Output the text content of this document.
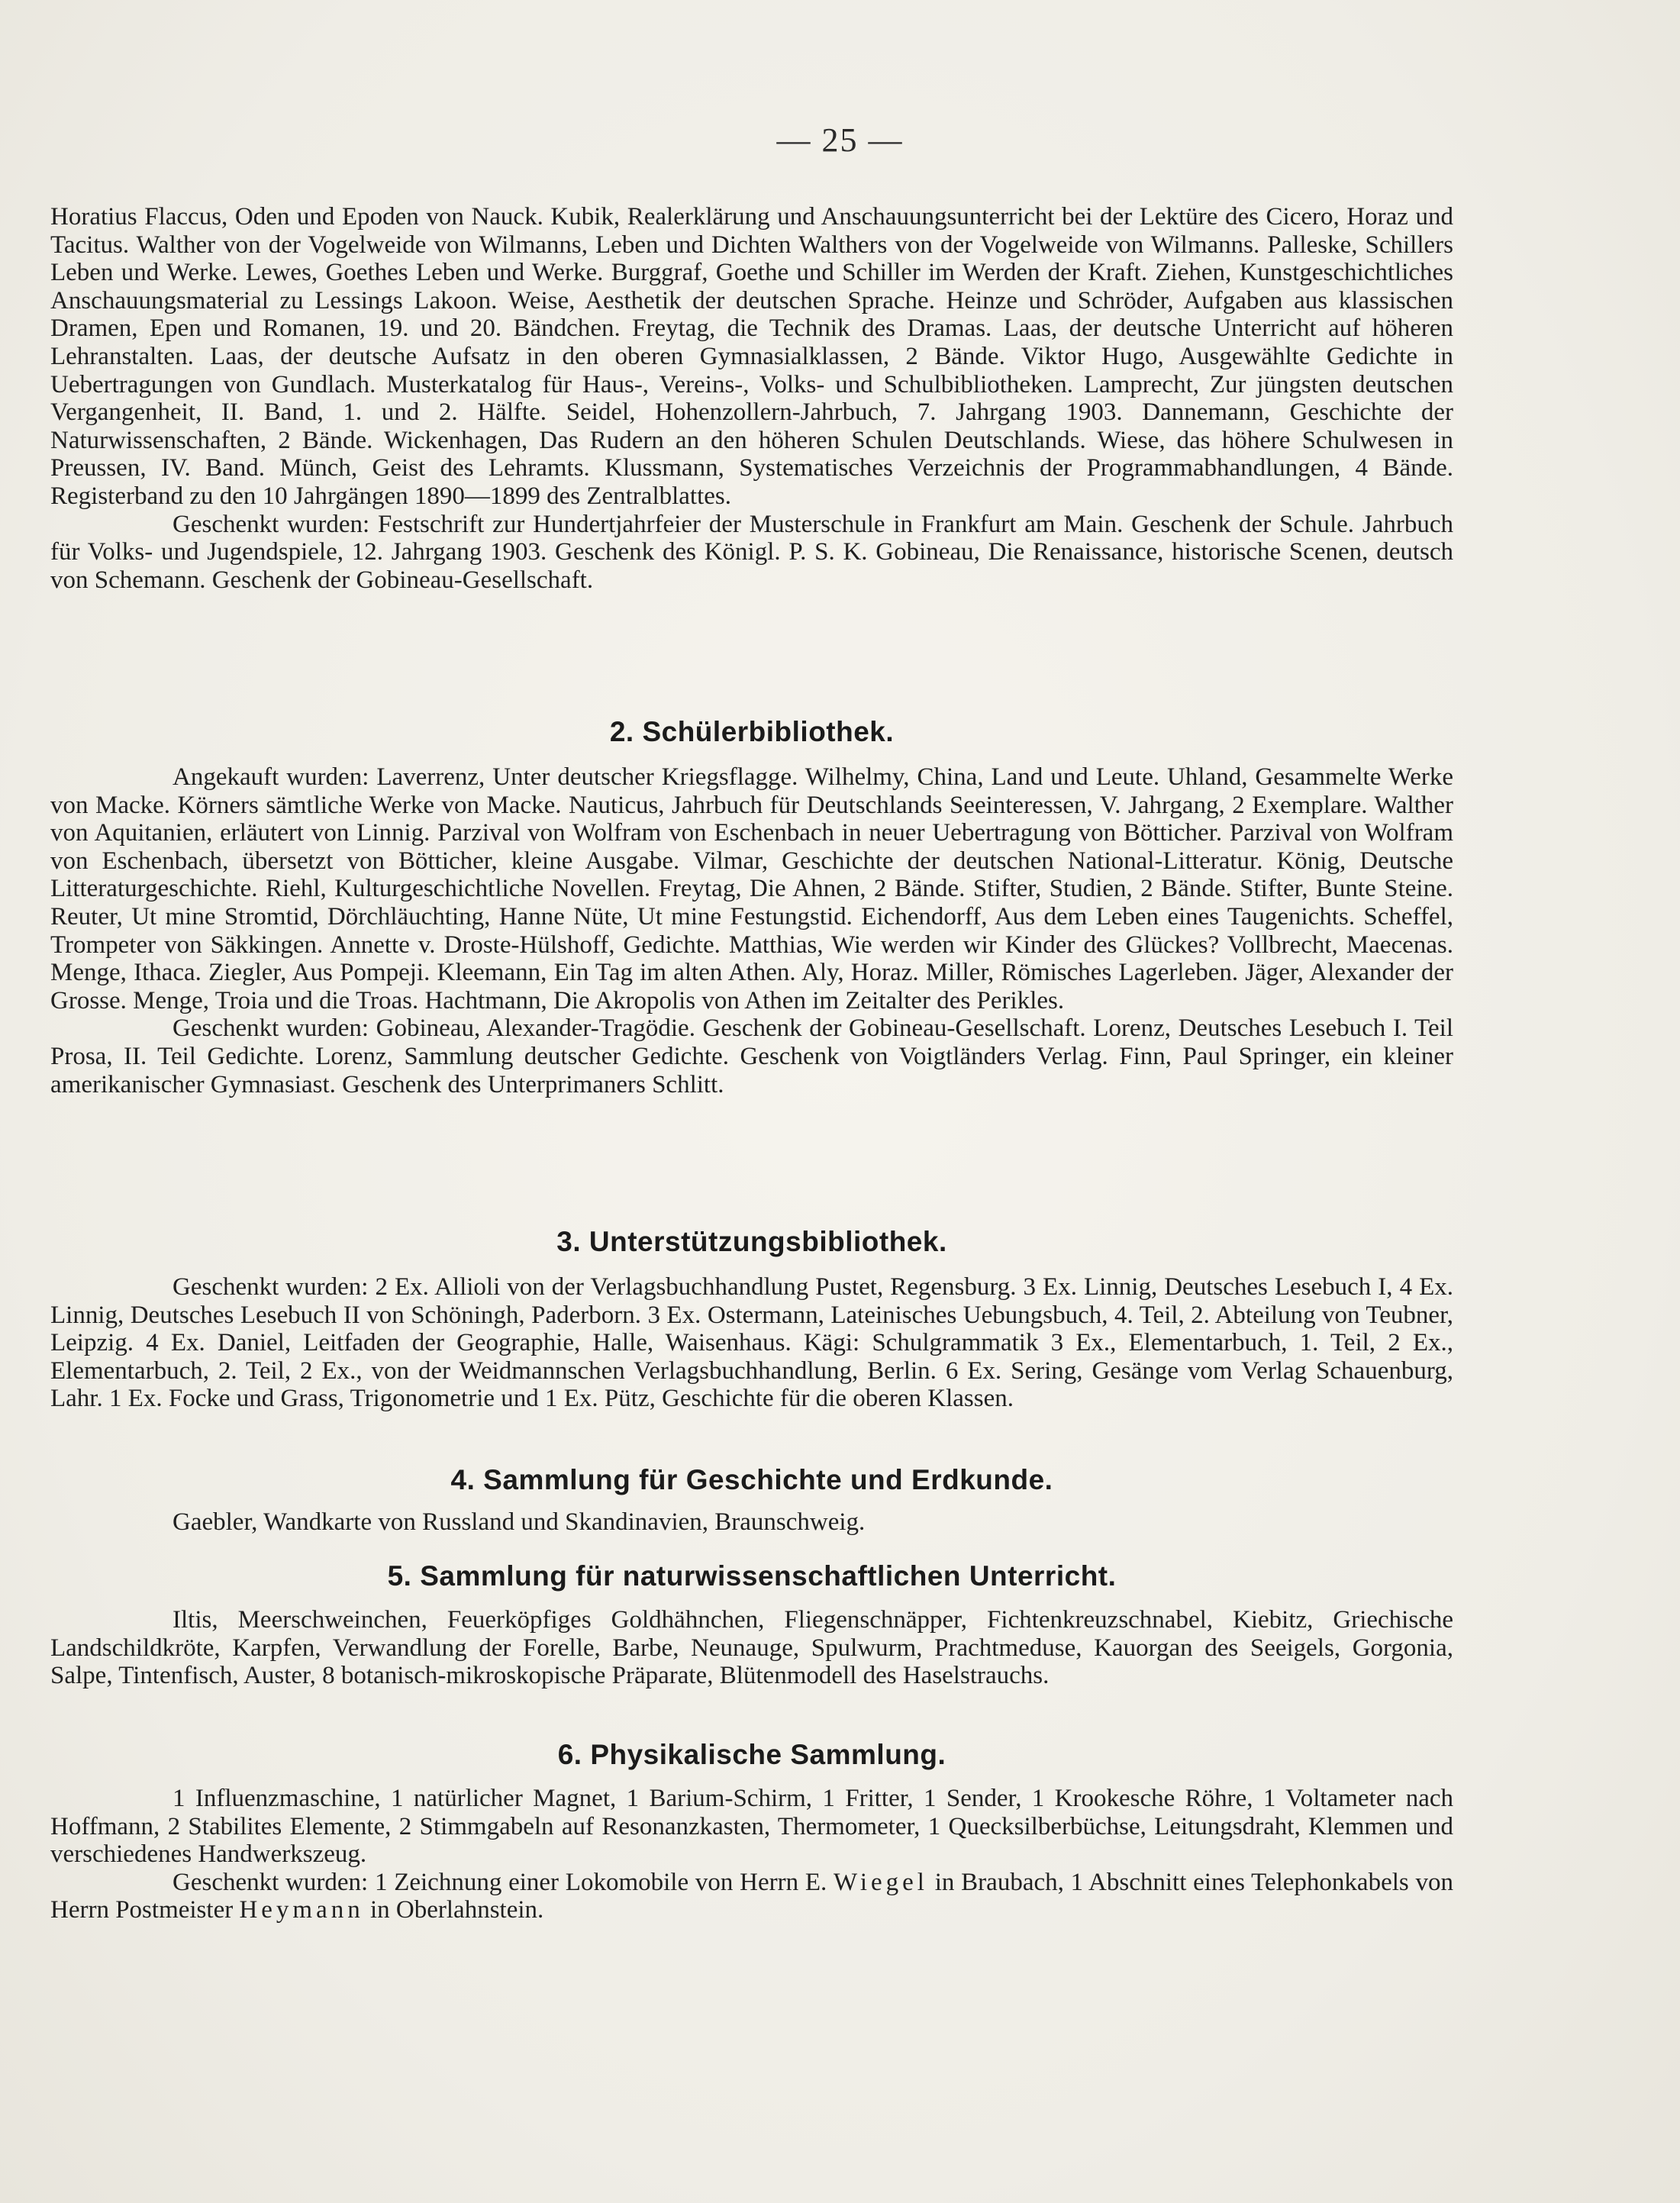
— 25 —

Horatius Flaccus, Oden und Epoden von Nauck. Kubik, Realerklärung und Anschauungsunterricht bei der Lektüre des Cicero, Horaz und Tacitus. Walther von der Vogelweide von Wilmanns, Leben und Dichten Walthers von der Vogelweide von Wilmanns. Palleske, Schillers Leben und Werke. Lewes, Goethes Leben und Werke. Burggraf, Goethe und Schiller im Werden der Kraft. Ziehen, Kunstgeschichtliches Anschauungsmaterial zu Lessings Lakoon. Weise, Aesthetik der deutschen Sprache. Heinze und Schröder, Aufgaben aus klassischen Dramen, Epen und Romanen, 19. und 20. Bändchen. Freytag, die Technik des Dramas. Laas, der deutsche Unterricht auf höheren Lehranstalten. Laas, der deutsche Aufsatz in den oberen Gymnasialklassen, 2 Bände. Viktor Hugo, Ausgewählte Gedichte in Uebertragungen von Gundlach. Musterkatalog für Haus-, Vereins-, Volks- und Schulbibliotheken. Lamprecht, Zur jüngsten deutschen Vergangenheit, II. Band, 1. und 2. Hälfte. Seidel, Hohenzollern-Jahrbuch, 7. Jahrgang 1903. Dannemann, Geschichte der Naturwissenschaften, 2 Bände. Wickenhagen, Das Rudern an den höheren Schulen Deutschlands. Wiese, das höhere Schulwesen in Preussen, IV. Band. Münch, Geist des Lehramts. Klussmann, Systematisches Verzeichnis der Programmabhandlungen, 4 Bände. Registerband zu den 10 Jahrgängen 1890—1899 des Zentralblattes.

Geschenkt wurden: Festschrift zur Hundertjahrfeier der Musterschule in Frankfurt am Main. Geschenk der Schule. Jahrbuch für Volks- und Jugendspiele, 12. Jahrgang 1903. Geschenk des Königl. P. S. K. Gobineau, Die Renaissance, historische Scenen, deutsch von Schemann. Geschenk der Gobineau-Gesellschaft.

2. Schülerbibliothek.

Angekauft wurden: Laverrenz, Unter deutscher Kriegsflagge. Wilhelmy, China, Land und Leute. Uhland, Gesammelte Werke von Macke. Körners sämtliche Werke von Macke. Nauticus, Jahrbuch für Deutschlands Seeinteressen, V. Jahrgang, 2 Exemplare. Walther von Aquitanien, erläutert von Linnig. Parzival von Wolfram von Eschenbach in neuer Uebertragung von Bötticher. Parzival von Wolfram von Eschenbach, übersetzt von Bötticher, kleine Ausgabe. Vilmar, Geschichte der deutschen National-Litteratur. König, Deutsche Litteraturgeschichte. Riehl, Kulturgeschichtliche Novellen. Freytag, Die Ahnen, 2 Bände. Stifter, Studien, 2 Bände. Stifter, Bunte Steine. Reuter, Ut mine Stromtid, Dörchläuchting, Hanne Nüte, Ut mine Festungstid. Eichendorff, Aus dem Leben eines Taugenichts. Scheffel, Trompeter von Säkkingen. Annette v. Droste-Hülshoff, Gedichte. Matthias, Wie werden wir Kinder des Glückes? Vollbrecht, Maecenas. Menge, Ithaca. Ziegler, Aus Pompeji. Kleemann, Ein Tag im alten Athen. Aly, Horaz. Miller, Römisches Lagerleben. Jäger, Alexander der Grosse. Menge, Troia und die Troas. Hachtmann, Die Akropolis von Athen im Zeitalter des Perikles.

Geschenkt wurden: Gobineau, Alexander-Tragödie. Geschenk der Gobineau-Gesellschaft. Lorenz, Deutsches Lesebuch I. Teil Prosa, II. Teil Gedichte. Lorenz, Sammlung deutscher Gedichte. Geschenk von Voigtländers Verlag. Finn, Paul Springer, ein kleiner amerikanischer Gymnasiast. Geschenk des Unterprimaners Schlitt.

3. Unterstützungsbibliothek.

Geschenkt wurden: 2 Ex. Allioli von der Verlagsbuchhandlung Pustet, Regensburg. 3 Ex. Linnig, Deutsches Lesebuch I, 4 Ex. Linnig, Deutsches Lesebuch II von Schöningh, Paderborn. 3 Ex. Ostermann, Lateinisches Uebungsbuch, 4. Teil, 2. Abteilung von Teubner, Leipzig. 4 Ex. Daniel, Leitfaden der Geographie, Halle, Waisenhaus. Kägi: Schulgrammatik 3 Ex., Elementarbuch, 1. Teil, 2 Ex., Elementarbuch, 2. Teil, 2 Ex., von der Weidmannschen Verlagsbuchhandlung, Berlin. 6 Ex. Sering, Gesänge vom Verlag Schauenburg, Lahr. 1 Ex. Focke und Grass, Trigonometrie und 1 Ex. Pütz, Geschichte für die oberen Klassen.

4. Sammlung für Geschichte und Erdkunde.

Gaebler, Wandkarte von Russland und Skandinavien, Braunschweig.

5. Sammlung für naturwissenschaftlichen Unterricht.

Iltis, Meerschweinchen, Feuerköpfiges Goldhähnchen, Fliegenschnäpper, Fichtenkreuzschnabel, Kiebitz, Griechische Landschildkröte, Karpfen, Verwandlung der Forelle, Barbe, Neunauge, Spulwurm, Prachtmeduse, Kauorgan des Seeigels, Gorgonia, Salpe, Tintenfisch, Auster, 8 botanisch-mikroskopische Präparate, Blütenmodell des Haselstrauchs.

6. Physikalische Sammlung.

1 Influenzmaschine, 1 natürlicher Magnet, 1 Barium-Schirm, 1 Fritter, 1 Sender, 1 Krookesche Röhre, 1 Voltameter nach Hoffmann, 2 Stabilites Elemente, 2 Stimmgabeln auf Resonanzkasten, Thermometer, 1 Quecksilberbüchse, Leitungsdraht, Klemmen und verschiedenes Handwerkszeug.

Geschenkt wurden: 1 Zeichnung einer Lokomobile von Herrn E. Wiegel in Braubach, 1 Abschnitt eines Telephonkabels von Herrn Postmeister Heymann in Oberlahnstein.
